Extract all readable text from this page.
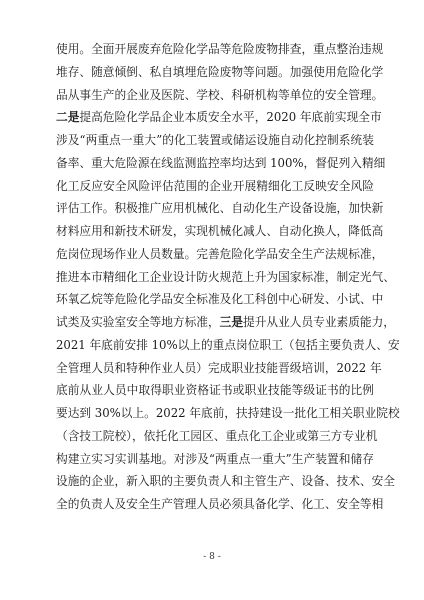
使用。全面开展废弃危险化学品等危险废物排查，重点整治违规
堆存、随意倾倒、私自填埋危险废物等问题。加强使用危险化学
品从事生产的企业及医院、学校、科研机构等单位的安全管理。
二是提高危险化学品企业本质安全水平，2020 年底前实现全市
涉及“两重点一重大”的化工装置或储运设施自动化控制系统装
备率、重大危险源在线监测监控率均达到 100%，督促列入精细
化工反应安全风险评估范围的企业开展精细化工反映安全风险
评估工作。积极推广应用机械化、自动化生产设备设施，加快新
材料应用和新技术研发，实现机械化减人、自动化换人，降低高
危岗位现场作业人员数量。完善危险化学品安全生产法规标准，
推进本市精细化工企业设计防火规范上升为国家标准，制定光气、
环氧乙烷等危险化学品安全标准及化工科创中心研发、小试、中
试类及实验室安全等地方标准，三是提升从业人员专业素质能力，
2021 年底前安排 10%以上的重点岗位职工（包括主要负责人、安
全管理人员和特种作业人员）完成职业技能晋级培训，2022 年
底前从业人员中取得职业资格证书或职业技能等级证书的比例
要达到 30%以上。2022 年底前，扶持建设一批化工相关职业院校
（含技工院校），依托化工园区、重点化工企业或第三方专业机
构建立实习实训基地。对涉及“两重点一重大”生产装置和储存
设施的企业，新入职的主要负责人和主管生产、设备、技术、安全
全的负责人及安全生产管理人员必须具备化学、化工、安全等相
- 8 -
